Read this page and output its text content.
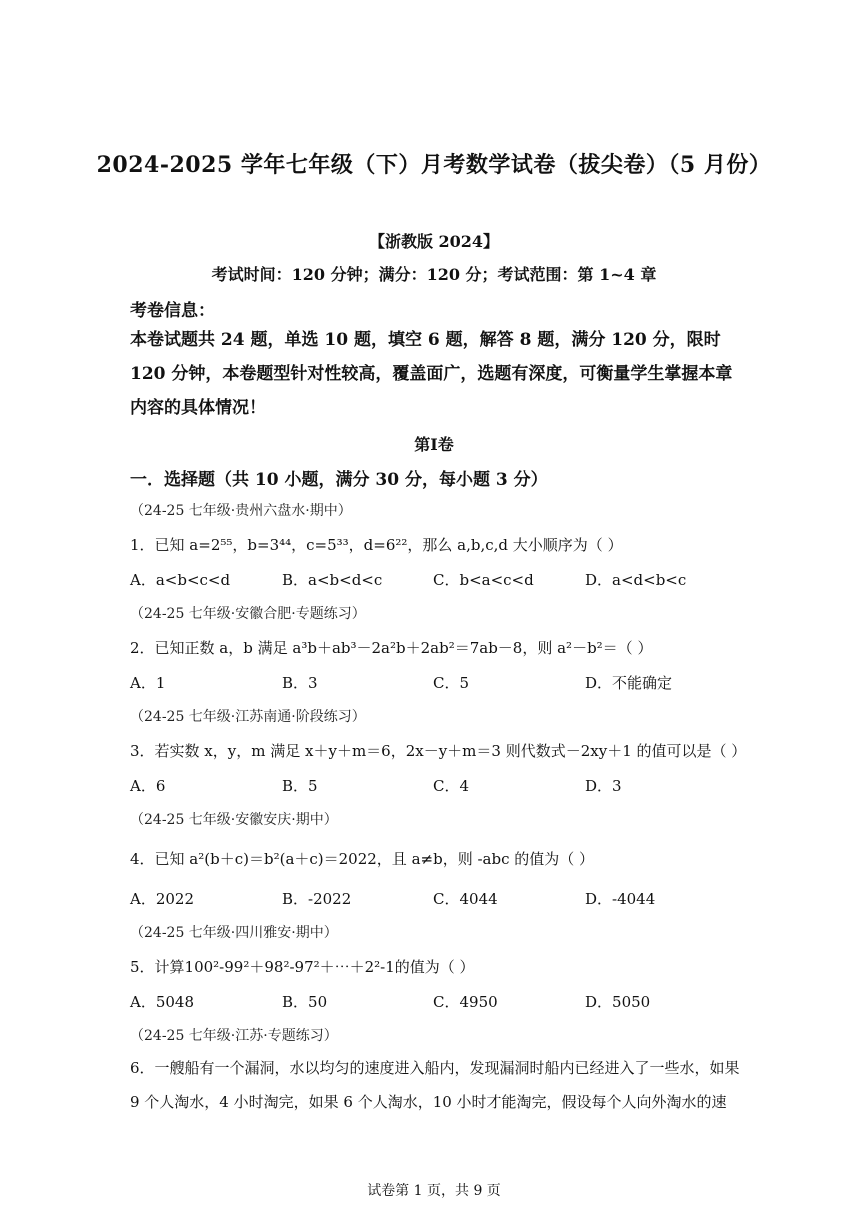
2024-2025 学年七年级（下）月考数学试卷（拔尖卷）（5 月份）
【浙教版 2024】
考试时间：120 分钟；满分：120 分；考试范围：第 1~4 章
考卷信息：
本卷试题共 24 题，单选 10 题，填空 6 题，解答 8 题，满分 120 分，限时 120 分钟，本卷题型针对性较高，覆盖面广，选题有深度，可衡量学生掌握本章内容的具体情况！
第Ⅰ卷
一．选择题（共 10 小题，满分 30 分，每小题 3 分）
（24-25 七年级·贵州六盘水·期中）
1．已知 a=2⁵⁵，b=3⁴⁴，c=5³³，d=6²²，那么 a,b,c,d 大小顺序为（ ）
A．a<b<c<d	B．a<b<d<c	C．b<a<c<d	D．a<d<b<c
（24-25 七年级·安徽合肥·专题练习）
2．已知正数 a，b 满足 a³b＋ab³－2a²b＋2ab²＝7ab－8，则 a²－b²＝（ ）
A．1	B．3	C．5	D．不能确定
（24-25 七年级·江苏南通·阶段练习）
3．若实数 x，y，m 满足 x＋y＋m＝6，2x－y＋m＝3 则代数式－2xy＋1 的值可以是（ ）
A．6	B．5	C．4	D．3
（24-25 七年级·安徽安庆·期中）
4．已知 a²(b＋c)＝b²(a＋c)＝2022，且 a≠b，则 -abc 的值为（ ）
A．2022	B．-2022	C．4044	D．-4044
（24-25 七年级·四川雅安·期中）
5．计算100²-99²＋98²-97²＋⋯＋2²-1的值为（ ）
A．5048	B．50	C．4950	D．5050
（24-25 七年级·江苏·专题练习）
6．一艘船有一个漏洞，水以均匀的速度进入船内，发现漏洞时船内已经进入了一些水，如果 9 个人淘水，4 小时淘完，如果 6 个人淘水，10 小时才能淘完，假设每个人向外淘水的速
试卷第 1 页，共 9 页
